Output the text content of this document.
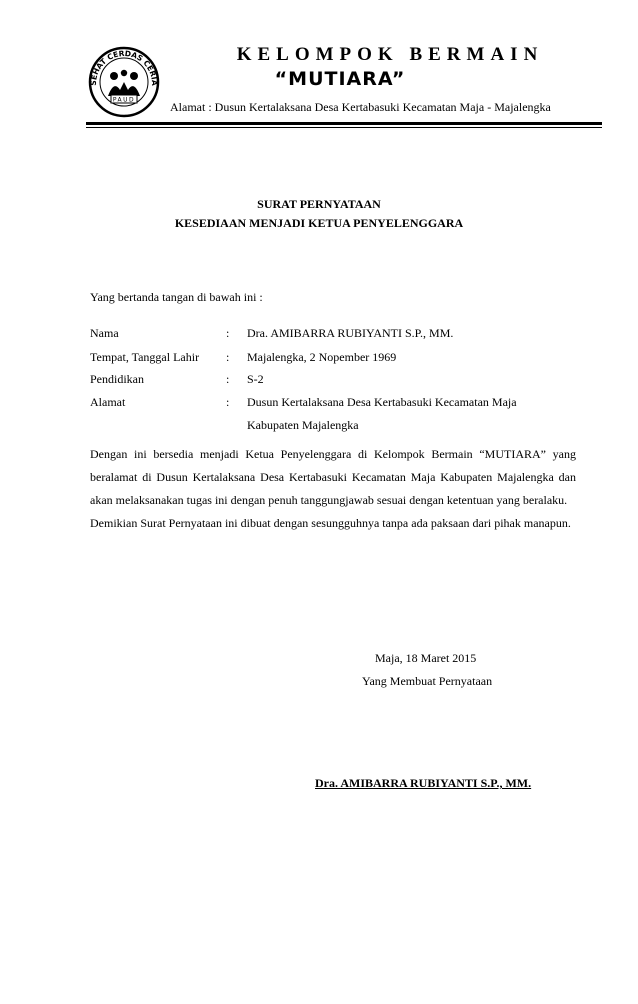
SEHAT CERDAS CERIA
PAUD
KELOMPOK BERMAIN
“MUTIARA”
Alamat : Dusun Kertalaksana Desa Kertabasuki Kecamatan Maja - Majalengka
SURAT PERNYATAAN
KESEDIAAN MENJADI KETUA PENYELENGGARA
Yang bertanda tangan di bawah ini :
Nama	: Dra. AMIBARRA RUBIYANTI S.P., MM.
Tempat, Tanggal Lahir : Majalengka, 2 Nopember 1969
Pendidikan	: S-2
Alamat	: Dusun Kertalaksana Desa Kertabasuki Kecamatan Maja
Kabupaten Majalengka

Dengan ini bersedia menjadi Ketua Penyelenggara di Kelompok Bermain “MUTIARA” yang beralamat di Dusun Kertalaksana Desa Kertabasuki Kecamatan Maja Kabupaten Majalengka dan akan melaksanakan tugas ini dengan penuh tanggungjawab sesuai dengan ketentuan yang beralaku.

Demikian Surat Pernyataan ini dibuat dengan sesungguhnya tanpa ada paksaan dari pihak manapun.

Maja, 18 Maret 2015
Yang Membuat Pernyataan
Dra. AMIBARRA RUBIYANTI S.P., MM.
